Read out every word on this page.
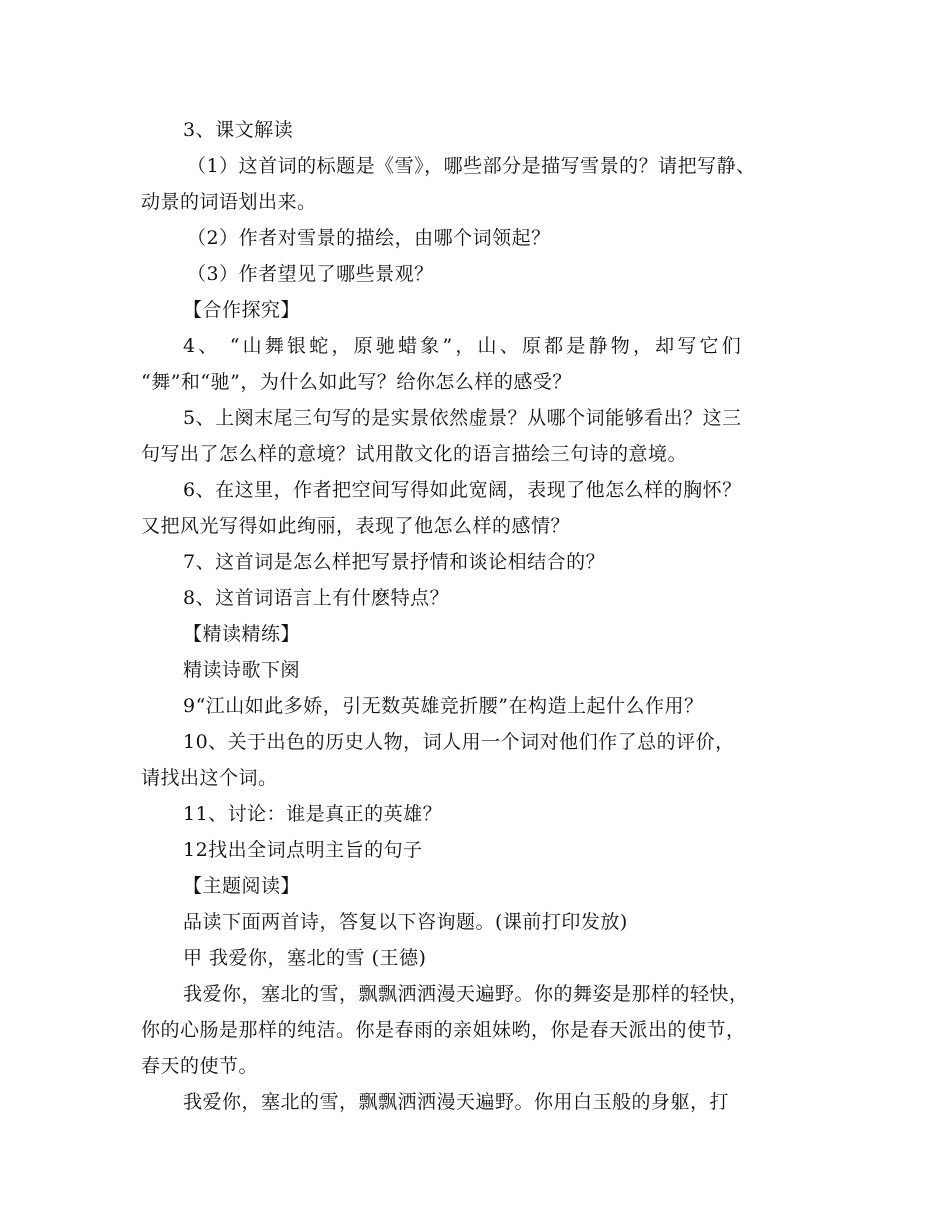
3、课文解读
（1）这首词的标题是《雪》，哪些部分是描写雪景的？请把写静、
动景的词语划出来。
（2）作者对雪景的描绘，由哪个词领起？
（3）作者望见了哪些景观？
【合作探究】
4、 “山舞银蛇，原驰蜡象”，山、原都是静物，却写它们
“舞”和“驰”，为什么如此写？给你怎么样的感受？
5、上阕末尾三句写的是实景依然虚景？从哪个词能够看出？这三
句写出了怎么样的意境？试用散文化的语言描绘三句诗的意境。
6、在这里，作者把空间写得如此宽阔，表现了他怎么样的胸怀？
又把风光写得如此绚丽，表现了他怎么样的感情？
7、这首词是怎么样把写景抒情和谈论相结合的？
8、这首词语言上有什麽特点？
【精读精练】
精读诗歌下阕
9“江山如此多娇，引无数英雄竞折腰”在构造上起什么作用？
10、关于出色的历史人物，词人用一个词对他们作了总的评价，
请找出这个词。
11、讨论：谁是真正的英雄？
12找出全词点明主旨的句子
【主题阅读】
品读下面两首诗，答复以下咨询题。(课前打印发放)
甲 我爱你，塞北的雪 (王德)
我爱你，塞北的雪，飘飘洒洒漫天遍野。你的舞姿是那样的轻快，
你的心肠是那样的纯洁。你是春雨的亲姐妹哟，你是春天派出的使节，
春天的使节。
我爱你，塞北的雪，飘飘洒洒漫天遍野。你用白玉般的身躯，打
